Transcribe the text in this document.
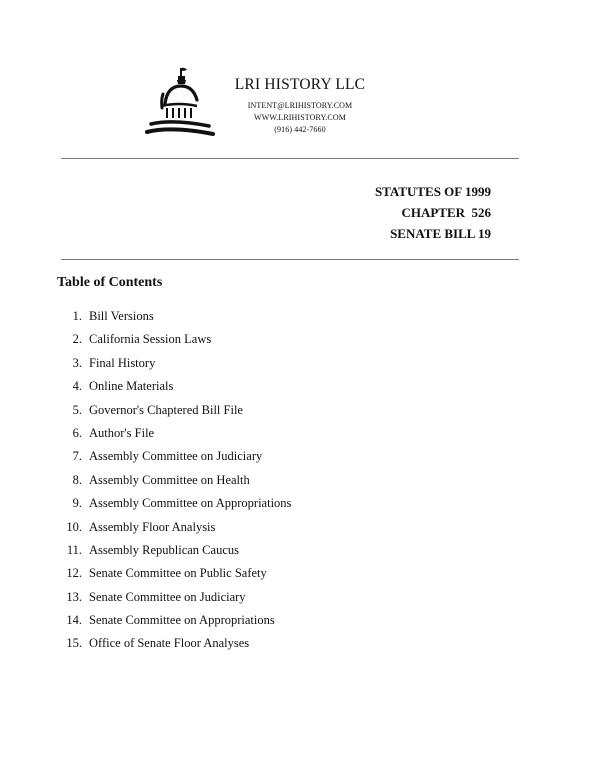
LRI HISTORY LLC
INTENT@LRIHISTORY.COM
WWW.LRIHISTORY.COM
(916) 442-7660
STATUTES OF 1999
CHAPTER  526
SENATE BILL 19
Table of Contents
1. Bill Versions
2. California Session Laws
3. Final History
4. Online Materials
5. Governor's Chaptered Bill File
6. Author's File
7. Assembly Committee on Judiciary
8. Assembly Committee on Health
9. Assembly Committee on Appropriations
10. Assembly Floor Analysis
11. Assembly Republican Caucus
12. Senate Committee on Public Safety
13. Senate Committee on Judiciary
14. Senate Committee on Appropriations
15. Office of Senate Floor Analyses
